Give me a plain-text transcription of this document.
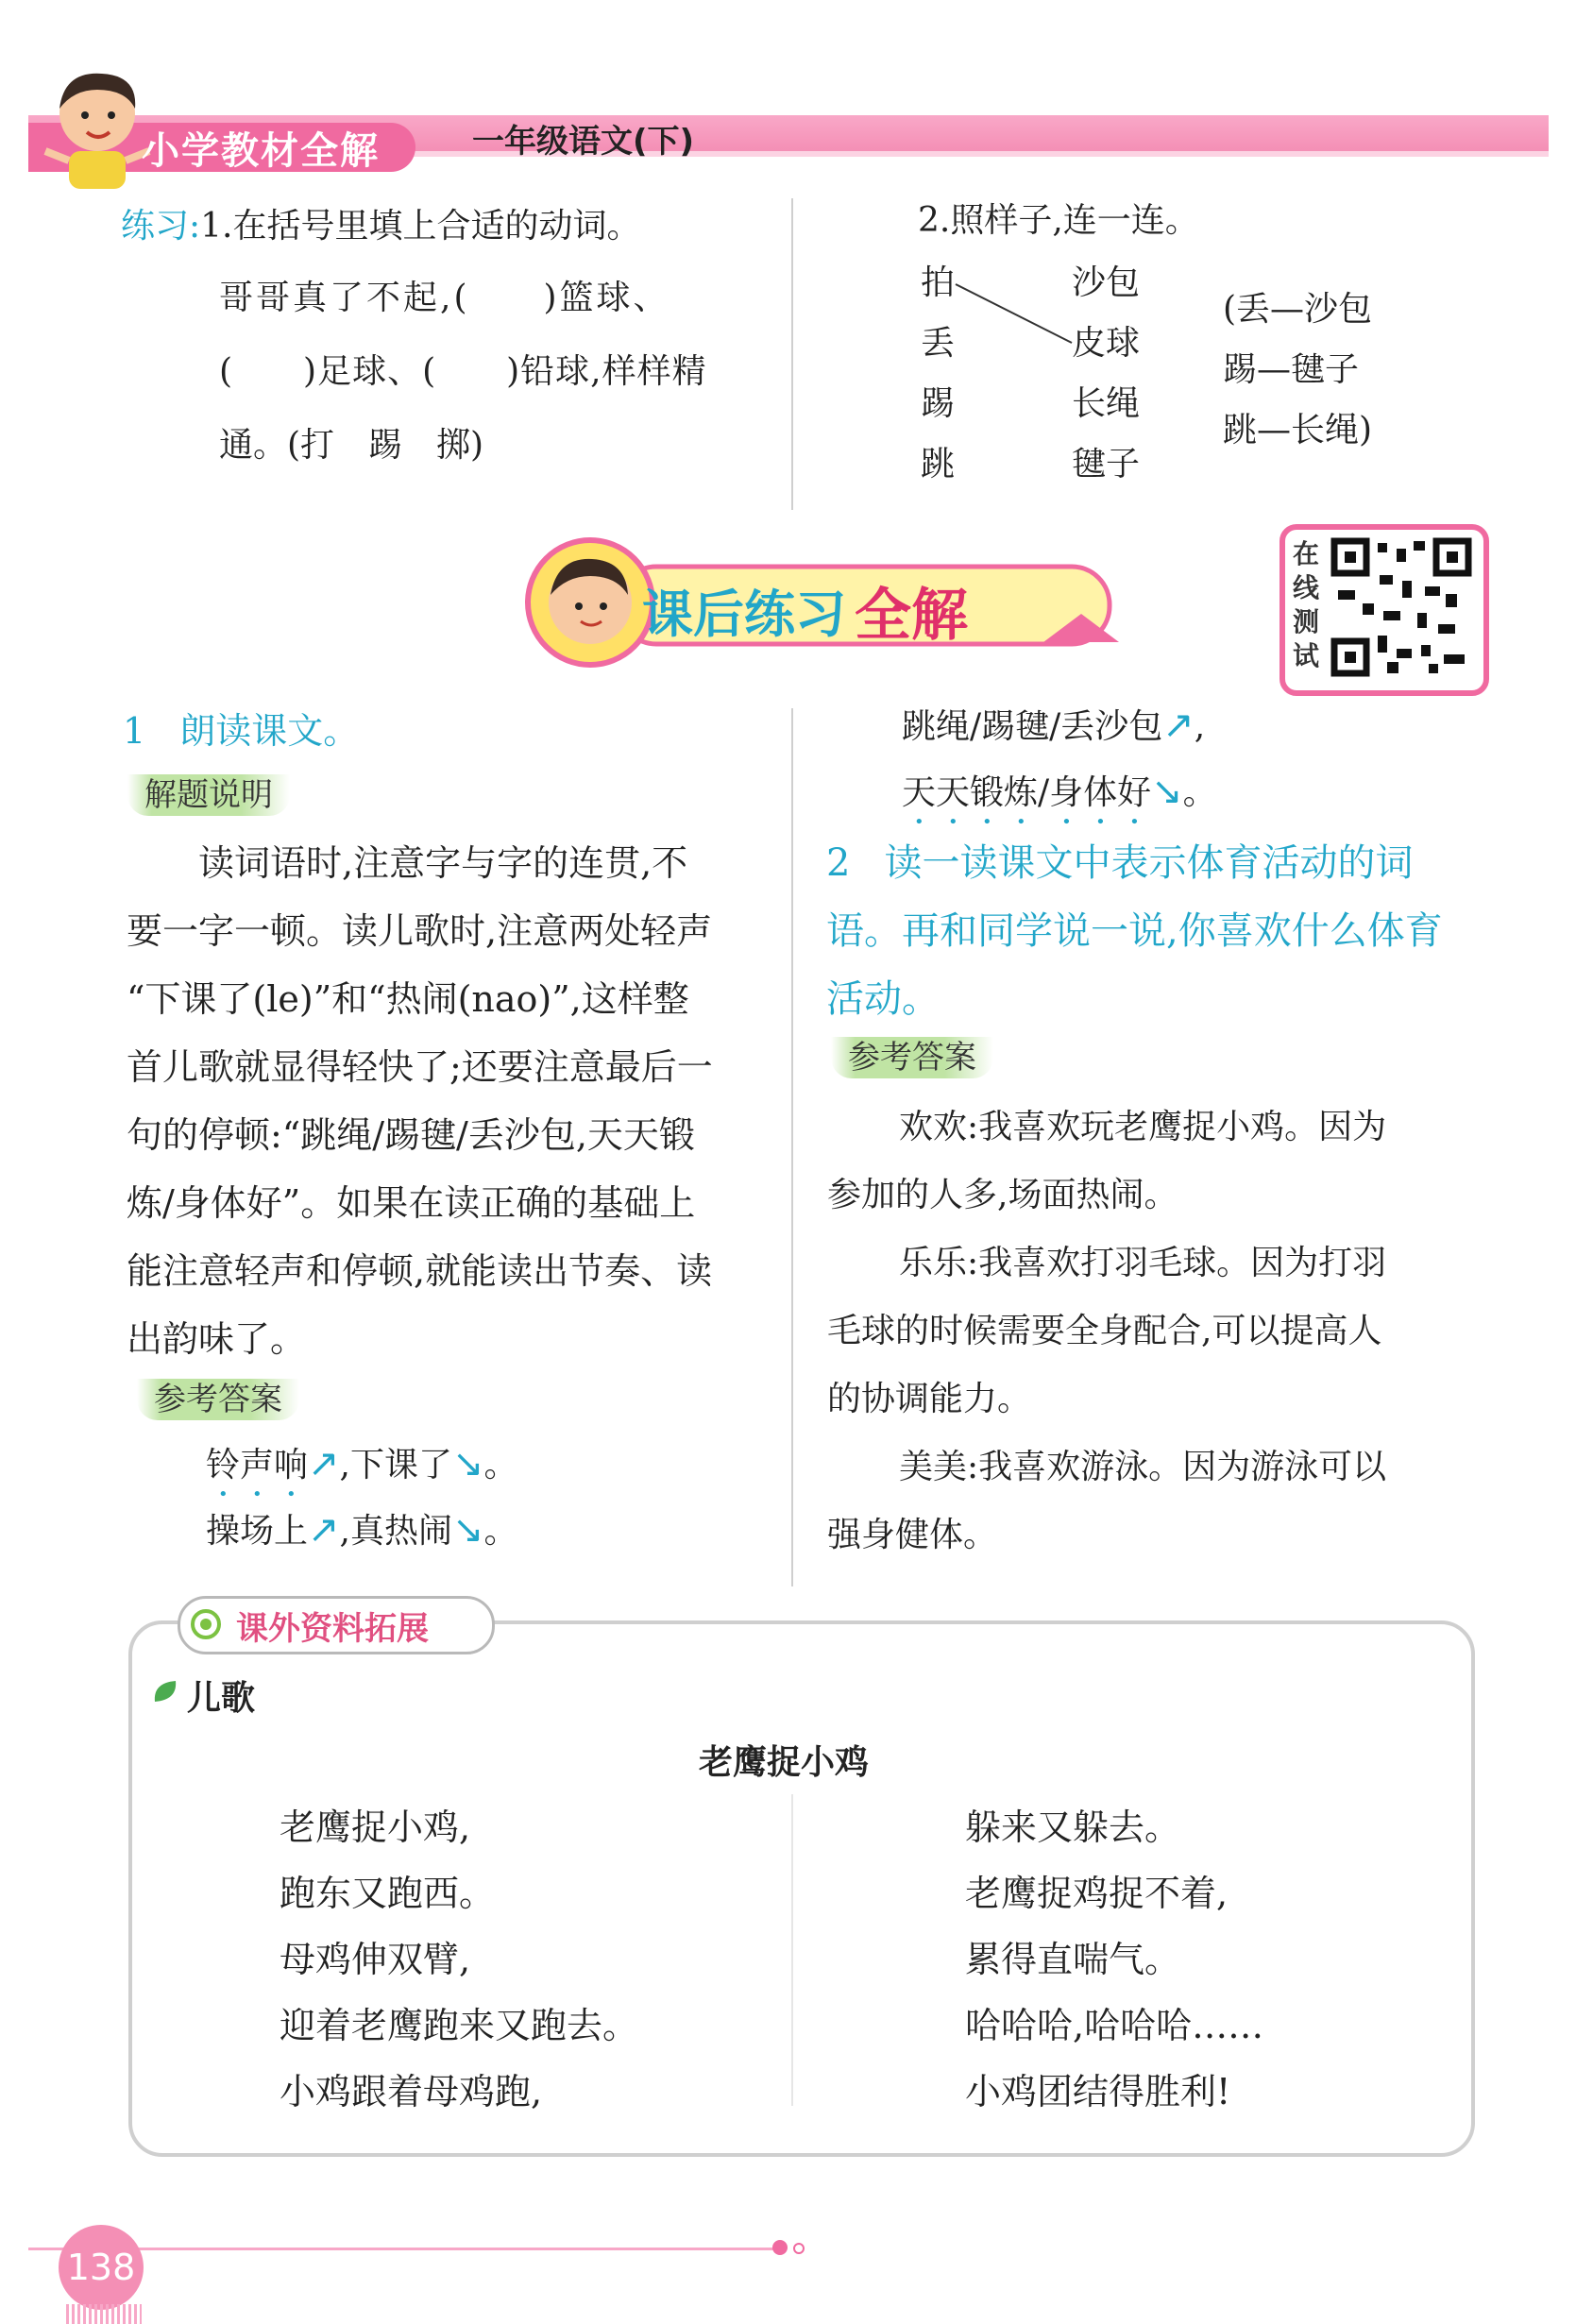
小学教材全解	一年级语文(下)
练习:1.在括号里填上合适的动词。
哥哥真了不起,(　　)篮球、
(　　)足球、(　　)铅球,样样精
通。(打　踢　掷)
2.照样子,连一连。
拍
丢
踢
跳
沙包
皮球
长绳
毽子
(丢—沙包
踢—毽子
跳—长绳)
课后练习 全解
在
线
测
试
1 朗读课文。
解题说明
读词语时,注意字与字的连贯,不
要一字一顿。读儿歌时,注意两处轻声
“下课了(le)”和“热闹(nao)”,这样整
首儿歌就显得轻快了;还要注意最后一
句的停顿:“跳绳/踢毽/丢沙包,天天锻
炼/身体好”。如果在读正确的基础上
能注意轻声和停顿,就能读出节奏、读
出韵味了。
参考答案
铃声响↗,下课了↘。
操场上↗,真热闹↘。
跳绳/踢毽/丢沙包↗,
天天锻炼/身体好↘。
2 读一读课文中表示体育活动的词
语。再和同学说一说,你喜欢什么体育
活动。
参考答案
欢欢:我喜欢玩老鹰捉小鸡。因为
参加的人多,场面热闹。
乐乐:我喜欢打羽毛球。因为打羽
毛球的时候需要全身配合,可以提高人
的协调能力。
美美:我喜欢游泳。因为游泳可以
强身健体。
课外资料拓展
儿歌
老鹰捉小鸡
老鹰捉小鸡,
跑东又跑西。
母鸡伸双臂,
迎着老鹰跑来又跑去。
小鸡跟着母鸡跑,
躲来又躲去。
老鹰捉鸡捉不着,
累得直喘气。
哈哈哈,哈哈哈……
小鸡团结得胜利!
138
